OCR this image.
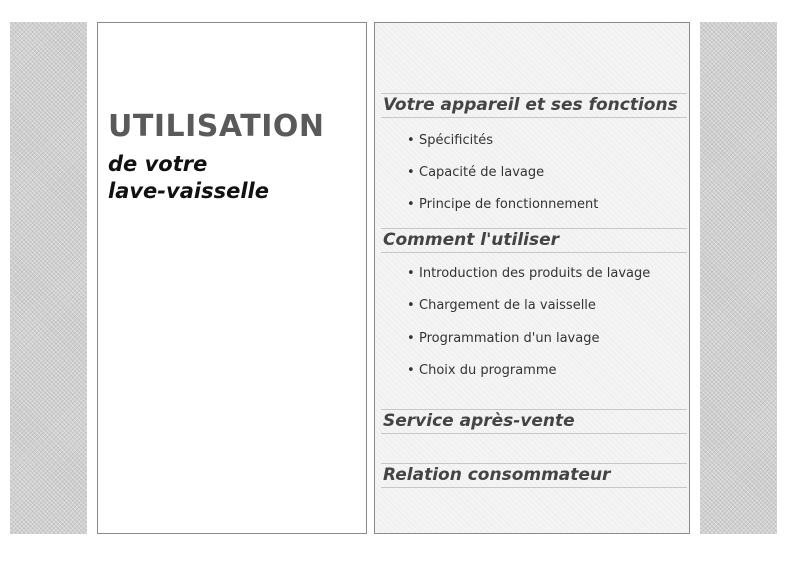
UTILISATION
de votre
lave-vaisselle
Votre appareil et ses fonctions
• Spécificités
• Capacité de lavage
• Principe de fonctionnement
Comment l'utiliser
• Introduction des produits de lavage
• Chargement de la vaisselle
• Programmation d'un lavage
• Choix du programme
Service après-vente
Relation consommateur
